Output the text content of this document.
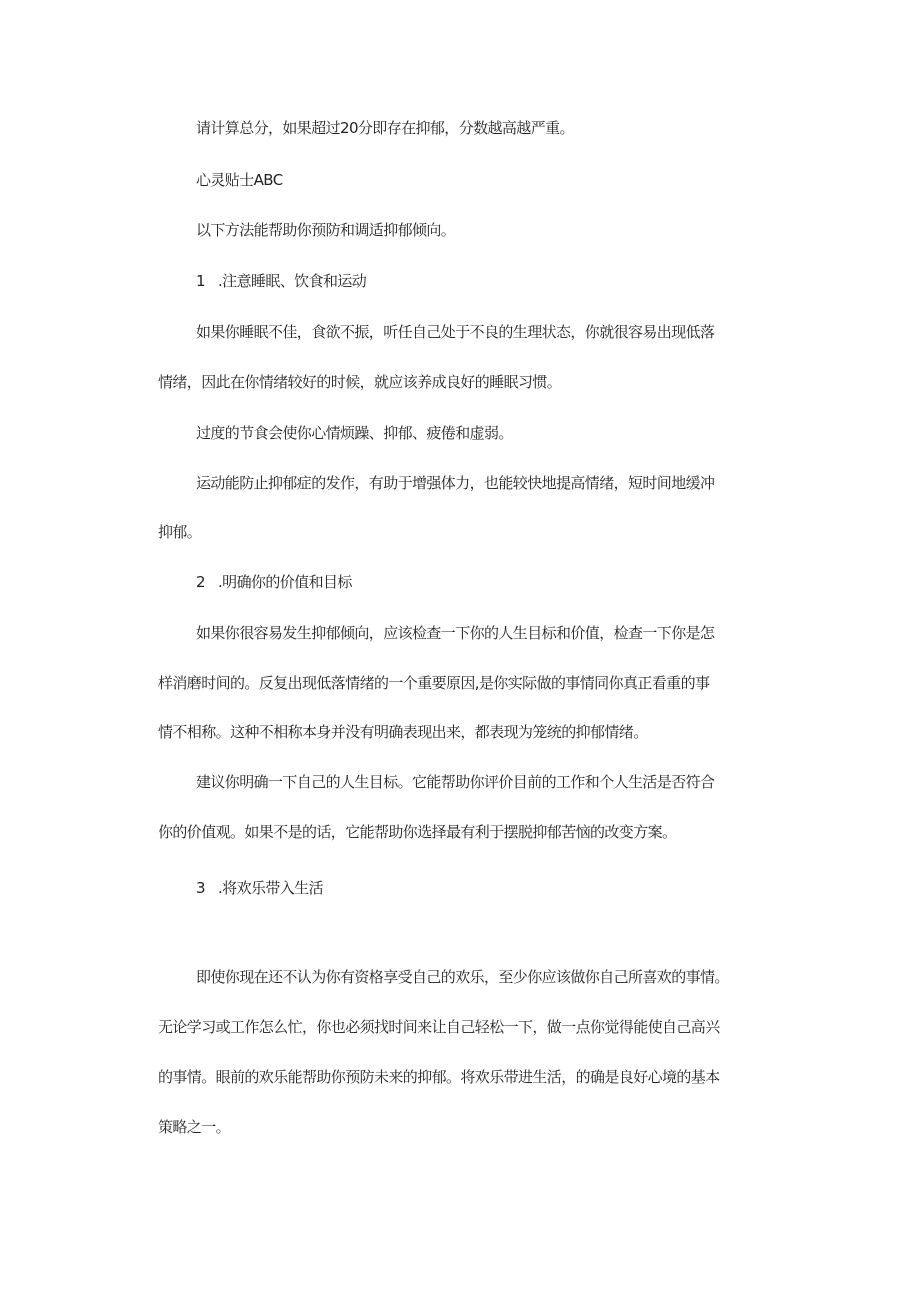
请计算总分，如果超过20分即存在抑郁，分数越高越严重。
心灵贴士ABC
以下方法能帮助你预防和调适抑郁倾向。
1 .注意睡眠、饮食和运动
如果你睡眠不佳，食欲不振，听任自己处于不良的生理状态，你就很容易出现低落
情绪，因此在你情绪较好的时候，就应该养成良好的睡眠习惯。
过度的节食会使你心情烦躁、抑郁、疲倦和虚弱。
运动能防止抑郁症的发作，有助于增强体力，也能较快地提高情绪，短时间地缓冲
抑郁。
2 .明确你的价值和目标
如果你很容易发生抑郁倾向，应该检查一下你的人生目标和价值，检查一下你是怎
样消磨时间的。反复出现低落情绪的一个重要原因,是你实际做的事情同你真正看重的事
情不相称。这种不相称本身并没有明确表现出来，都表现为笼统的抑郁情绪。
建议你明确一下自己的人生目标。它能帮助你评价目前的工作和个人生活是否符合
你的价值观。如果不是的话，它能帮助你选择最有利于摆脱抑郁苦恼的改变方案。
3 .将欢乐带入生活
即使你现在还不认为你有资格享受自己的欢乐，至少你应该做你自己所喜欢的事情。
无论学习或工作怎么忙，你也必须找时间来让自己轻松一下，做一点你觉得能使自己高兴
的事情。眼前的欢乐能帮助你预防未来的抑郁。将欢乐带进生活，的确是良好心境的基本
策略之一。
